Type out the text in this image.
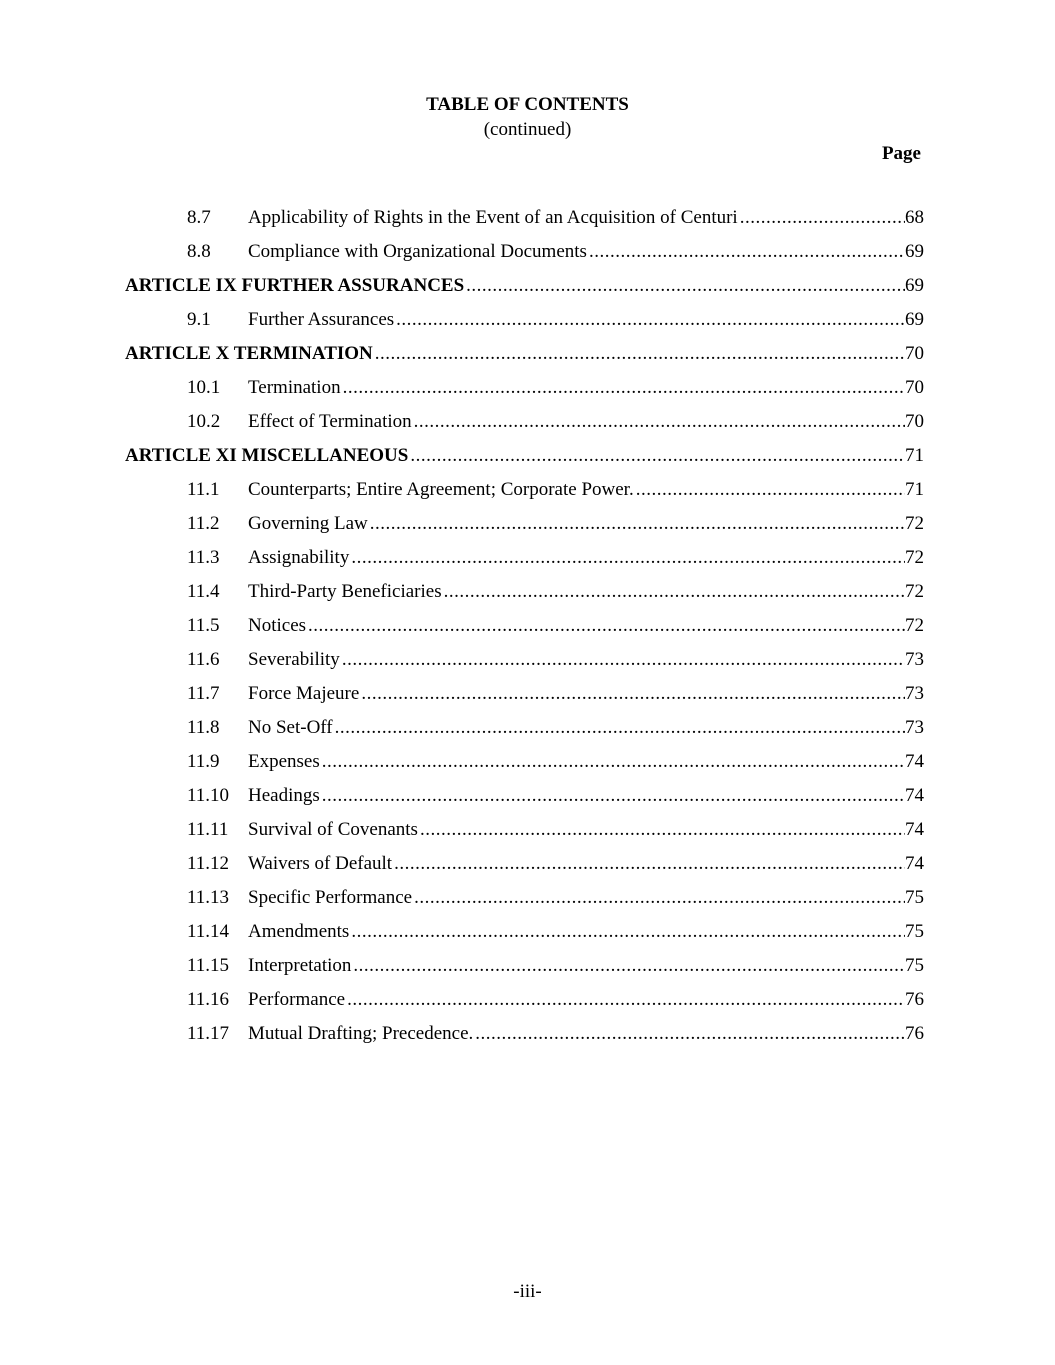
TABLE OF CONTENTS
(continued)
Page
8.7 Applicability of Rights in the Event of an Acquisition of Centuri .....	68
8.8 Compliance with Organizational Documents .....	69
ARTICLE IX FURTHER ASSURANCES .....	69
9.1 Further Assurances .....	69
ARTICLE X TERMINATION .....	70
10.1 Termination .....	70
10.2 Effect of Termination .....	70
ARTICLE XI MISCELLANEOUS .....	71
11.1 Counterparts; Entire Agreement; Corporate Power. .....	71
11.2 Governing Law .....	72
11.3 Assignability .....	72
11.4 Third-Party Beneficiaries .....	72
11.5 Notices .....	72
11.6 Severability .....	73
11.7 Force Majeure .....	73
11.8 No Set-Off .....	73
11.9 Expenses .....	74
11.10 Headings .....	74
11.11 Survival of Covenants .....	74
11.12 Waivers of Default .....	74
11.13 Specific Performance .....	75
11.14 Amendments .....	75
11.15 Interpretation .....	75
11.16 Performance .....	76
11.17 Mutual Drafting; Precedence. .....	76
-iii-
